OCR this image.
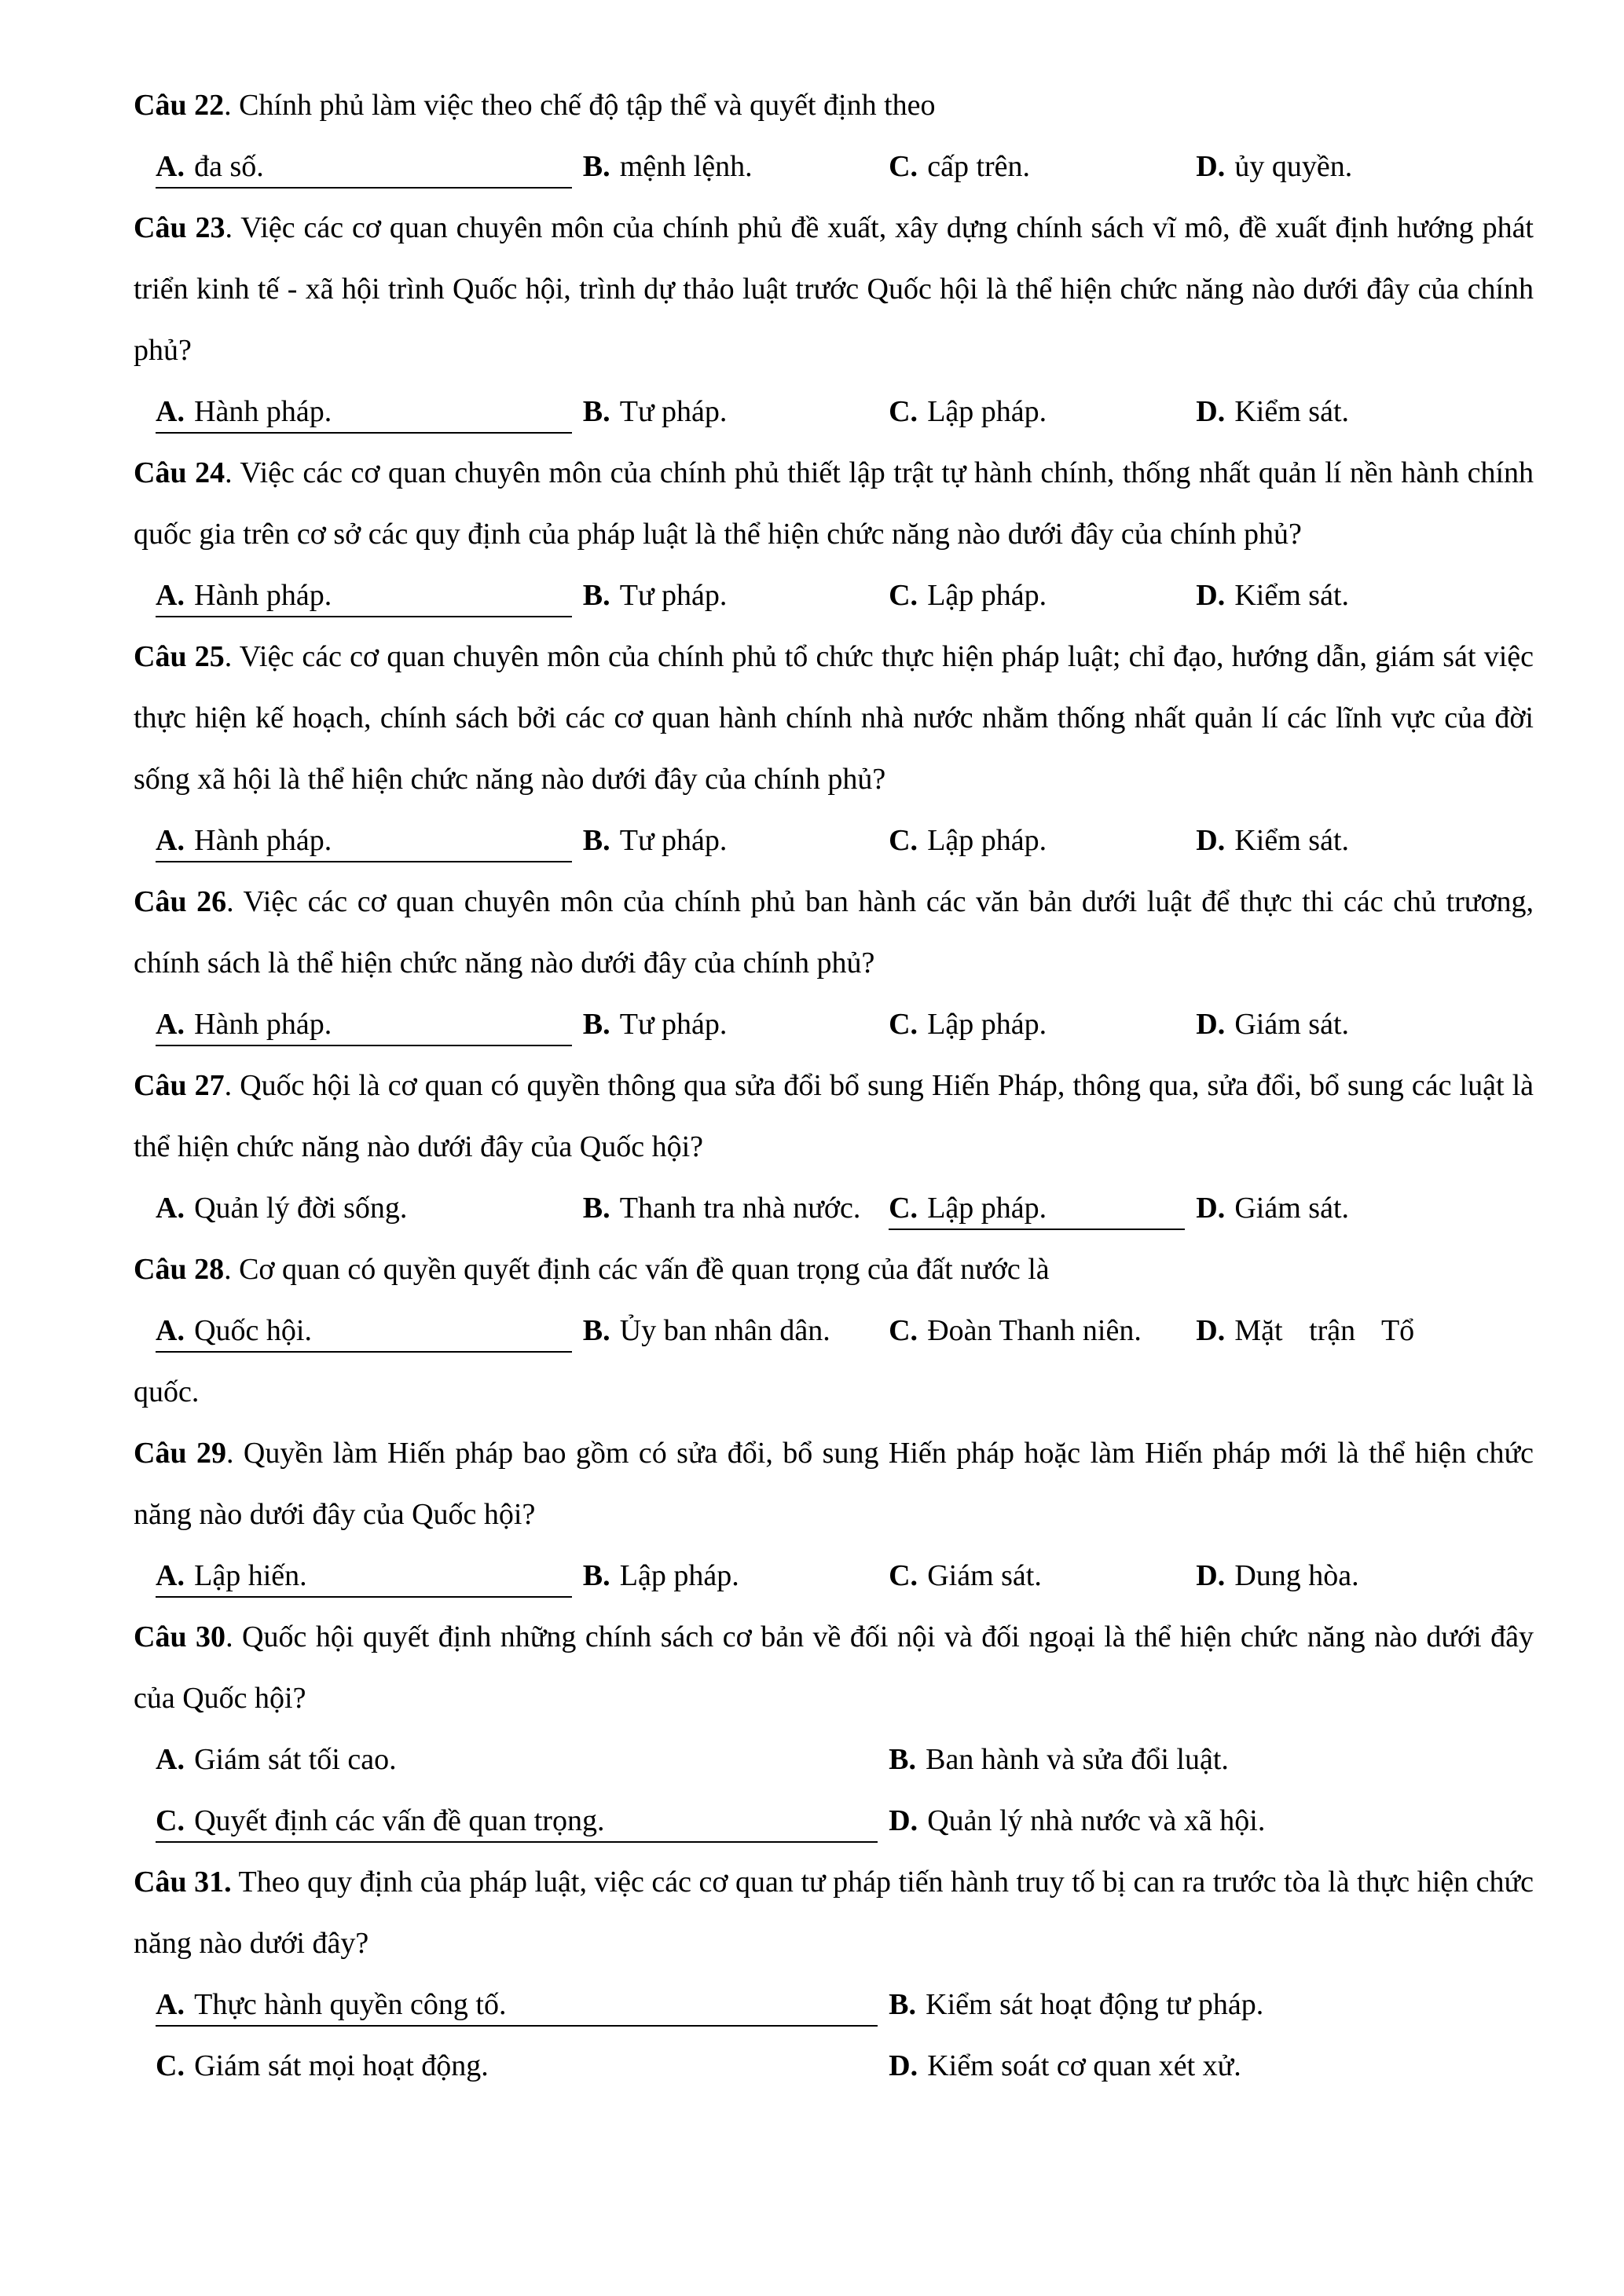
Câu 22. Chính phủ làm việc theo chế độ tập thể và quyết định theo

A. đa số.	B. mệnh lệnh.	C. cấp trên.	D. ủy quyền.

Câu 23. Việc các cơ quan chuyên môn của chính phủ đề xuất, xây dựng chính sách vĩ mô, đề xuất định hướng phát triển kinh tế - xã hội trình Quốc hội, trình dự thảo luật trước Quốc hội là thể hiện chức năng nào dưới đây của chính phủ?

A. Hành pháp.	B. Tư pháp.	C. Lập pháp.	D. Kiểm sát.

Câu 24. Việc các cơ quan chuyên môn của chính phủ thiết lập trật tự hành chính, thống nhất quản lí nền hành chính quốc gia trên cơ sở các quy định của pháp luật là thể hiện chức năng nào dưới đây của chính phủ?

A. Hành pháp.	B. Tư pháp.	C. Lập pháp.	D. Kiểm sát.

Câu 25. Việc các cơ quan chuyên môn của chính phủ tổ chức thực hiện pháp luật; chỉ đạo, hướng dẫn, giám sát việc thực hiện kế hoạch, chính sách bởi các cơ quan hành chính nhà nước nhằm thống nhất quản lí các lĩnh vực của đời sống xã hội là thể hiện chức năng nào dưới đây của chính phủ?

A. Hành pháp.	B. Tư pháp.	C. Lập pháp.	D. Kiểm sát.

Câu 26. Việc các cơ quan chuyên môn của chính phủ ban hành các văn bản dưới luật để thực thi các chủ trương, chính sách là thể hiện chức năng nào dưới đây của chính phủ?

A. Hành pháp.	B. Tư pháp.	C. Lập pháp.	D. Giám sát.

Câu 27. Quốc hội là cơ quan có quyền thông qua sửa đổi bổ sung Hiến Pháp, thông qua, sửa đổi, bổ sung các luật là thể hiện chức năng nào dưới đây của Quốc hội?

A. Quản lý đời sống.	B. Thanh tra nhà nước. C. Lập pháp.	D. Giám sát.

Câu 28. Cơ quan có quyền quyết định các vấn đề quan trọng của đất nước là

A. Quốc hội.	B. Ủy ban nhân dân.	C. Đoàn Thanh niên.	D. Mặt trận Tổ

quốc.

Câu 29. Quyền làm Hiến pháp bao gồm có sửa đổi, bổ sung Hiến pháp hoặc làm Hiến pháp mới là thể hiện chức năng nào dưới đây của Quốc hội?

A. Lập hiến.	B. Lập pháp.	C. Giám sát.	D. Dung hòa.

Câu 30. Quốc hội quyết định những chính sách cơ bản về đối nội và đối ngoại là thể hiện chức năng nào dưới đây của Quốc hội?

A. Giám sát tối cao.	B. Ban hành và sửa đổi luật.
C. Quyết định các vấn đề quan trọng.	D. Quản lý nhà nước và xã hội.

Câu 31. Theo quy định của pháp luật, việc các cơ quan tư pháp tiến hành truy tố bị can ra trước tòa là thực hiện chức năng nào dưới đây?

A. Thực hành quyền công tố.	B. Kiểm sát hoạt động tư pháp.
C. Giám sát mọi hoạt động.	D. Kiểm soát cơ quan xét xử.
